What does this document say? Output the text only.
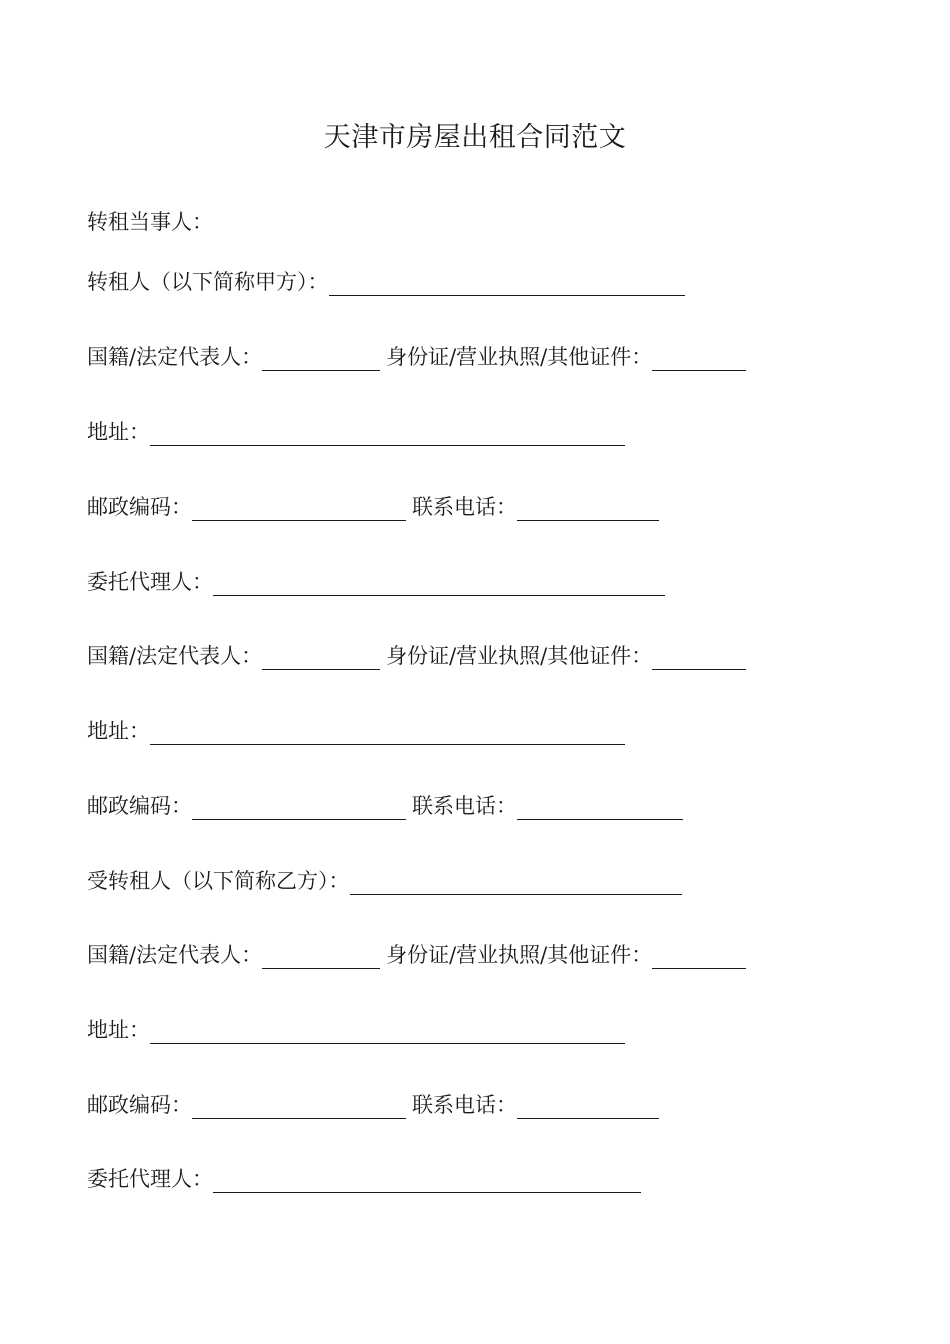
天津市房屋出租合同范文
转租当事人：
转租人（以下简称甲方）：
国籍/法定代表人：	身份证/营业执照/其他证件：
地址：
邮政编码：	联系电话：
委托代理人：
国籍/法定代表人：	身份证/营业执照/其他证件：
地址：
邮政编码：	联系电话：
受转租人（以下简称乙方）：
国籍/法定代表人：	身份证/营业执照/其他证件：
地址：
邮政编码：	联系电话：
委托代理人：
